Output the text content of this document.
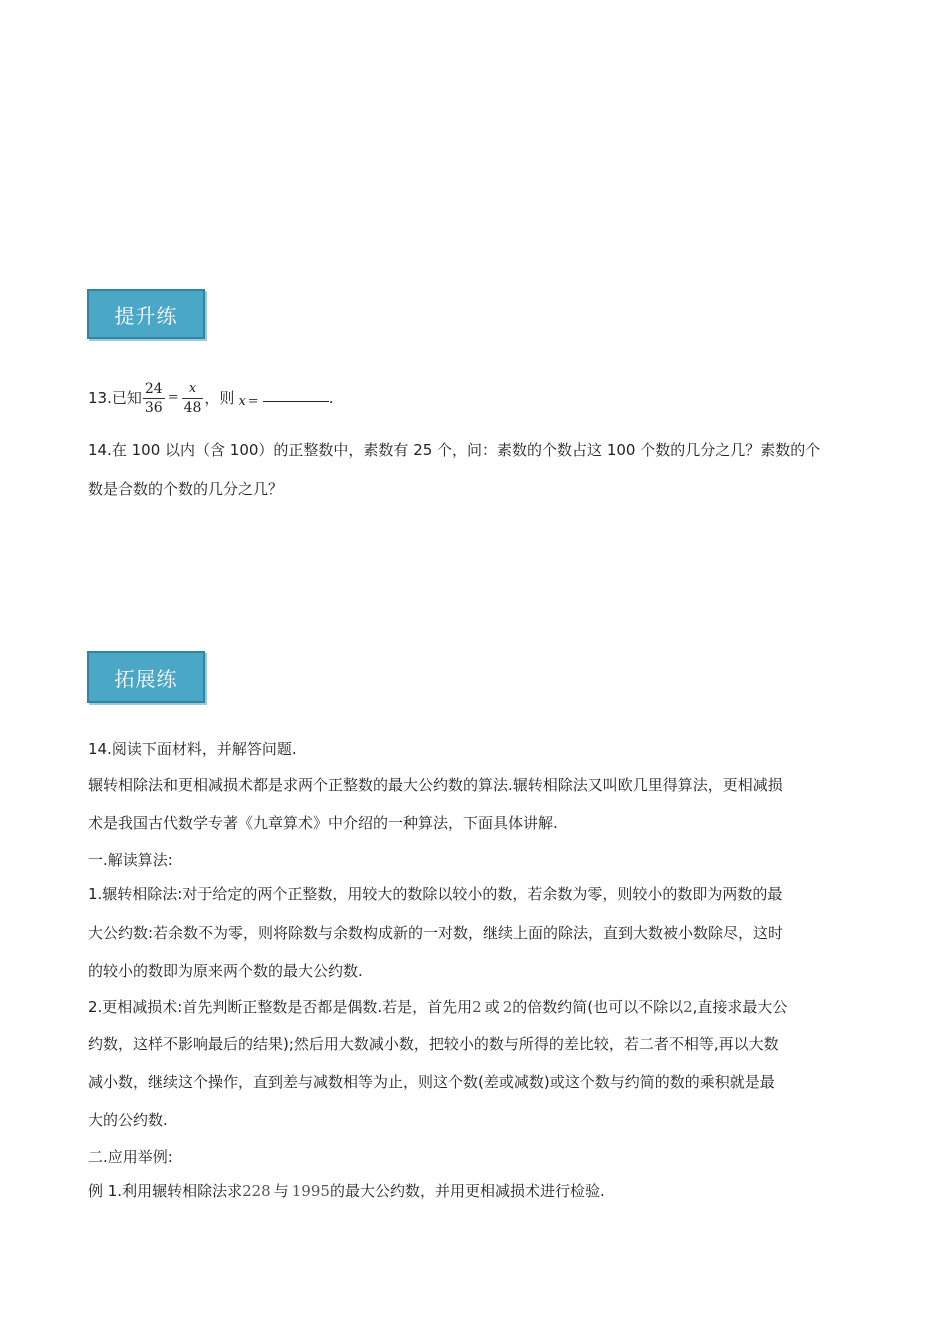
提升练
13.已知 $\frac{24}{36} = \frac{x}{48}$ ，则 x =	.
14.在 100 以内（含 100）的正整数中，素数有 25 个，问：素数的个数占这 100 个数的几分之几？素数的个
数是合数的个数的几分之几？
拓展练
14.阅读下面材料，并解答问题.
辗转相除法和更相减损术都是求两个正整数的最大公约数的算法.辗转相除法又叫欧几里得算法，更相减损
术是我国古代数学专著《九章算术》中介绍的一种算法，下面具体讲解.
一.解读算法:
1.辗转相除法:对于给定的两个正整数，用较大的数除以较小的数，若余数为零，则较小的数即为两数的最
大公约数:若余数不为零，则将除数与余数构成新的一对数，继续上面的除法，直到大数被小数除尽，这时
的较小的数即为原来两个数的最大公约数.
2.更相减损术:首先判断正整数是否都是偶数.若是，首先用2 或 2的倍数约简(也可以不除以2,直接求最大公
约数，这样不影响最后的结果);然后用大数减小数，把较小的数与所得的差比较，若二者不相等,再以大数
减小数，继续这个操作，直到差与减数相等为止，则这个数(差或减数)或这个数与约简的数的乘积就是最
大的公约数.
二.应用举例:
例 1.利用辗转相除法求228 与 1995的最大公约数，并用更相减损术进行检验.
